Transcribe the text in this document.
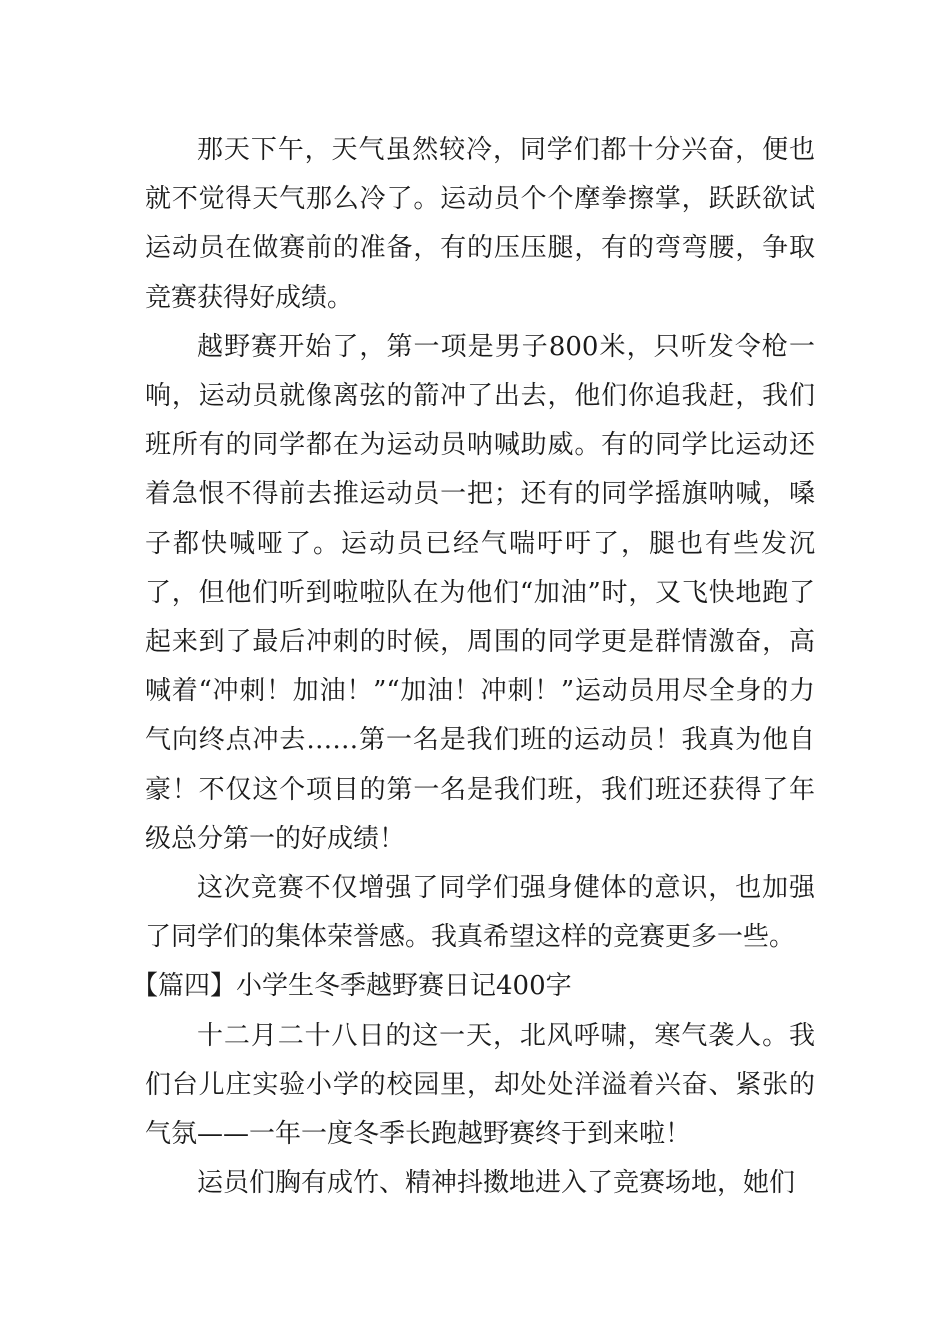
那天下午，天气虽然较冷，同学们都十分兴奋，便也就不觉得天气那么冷了。运动员个个摩拳擦掌，跃跃欲试运动员在做赛前的准备，有的压压腿，有的弯弯腰，争取竞赛获得好成绩。

越野赛开始了，第一项是男子800米，只听发令枪一响，运动员就像离弦的箭冲了出去，他们你追我赶，我们班所有的同学都在为运动员呐喊助威。有的同学比运动还着急恨不得前去推运动员一把；还有的同学摇旗呐喊，嗓子都快喊哑了。运动员已经气喘吁吁了，腿也有些发沉了，但他们听到啦啦队在为他们“加油”时，又飞快地跑了起来到了最后冲刺的时候，周围的同学更是群情激奋，高喊着“冲刺！加油！”“加油！冲刺！”运动员用尽全身的力气向终点冲去……第一名是我们班的运动员！我真为他自豪！不仅这个项目的第一名是我们班，我们班还获得了年级总分第一的好成绩！

这次竞赛不仅增强了同学们强身健体的意识，也加强了同学们的集体荣誉感。我真希望这样的竞赛更多一些。

【篇四】小学生冬季越野赛日记400字

十二月二十八日的这一天，北风呼啸，寒气袭人。我们台儿庄实验小学的校园里，却处处洋溢着兴奋、紧张的气氛——一年一度冬季长跑越野赛终于到来啦！

运员们胸有成竹、精神抖擞地进入了竞赛场地，她们
